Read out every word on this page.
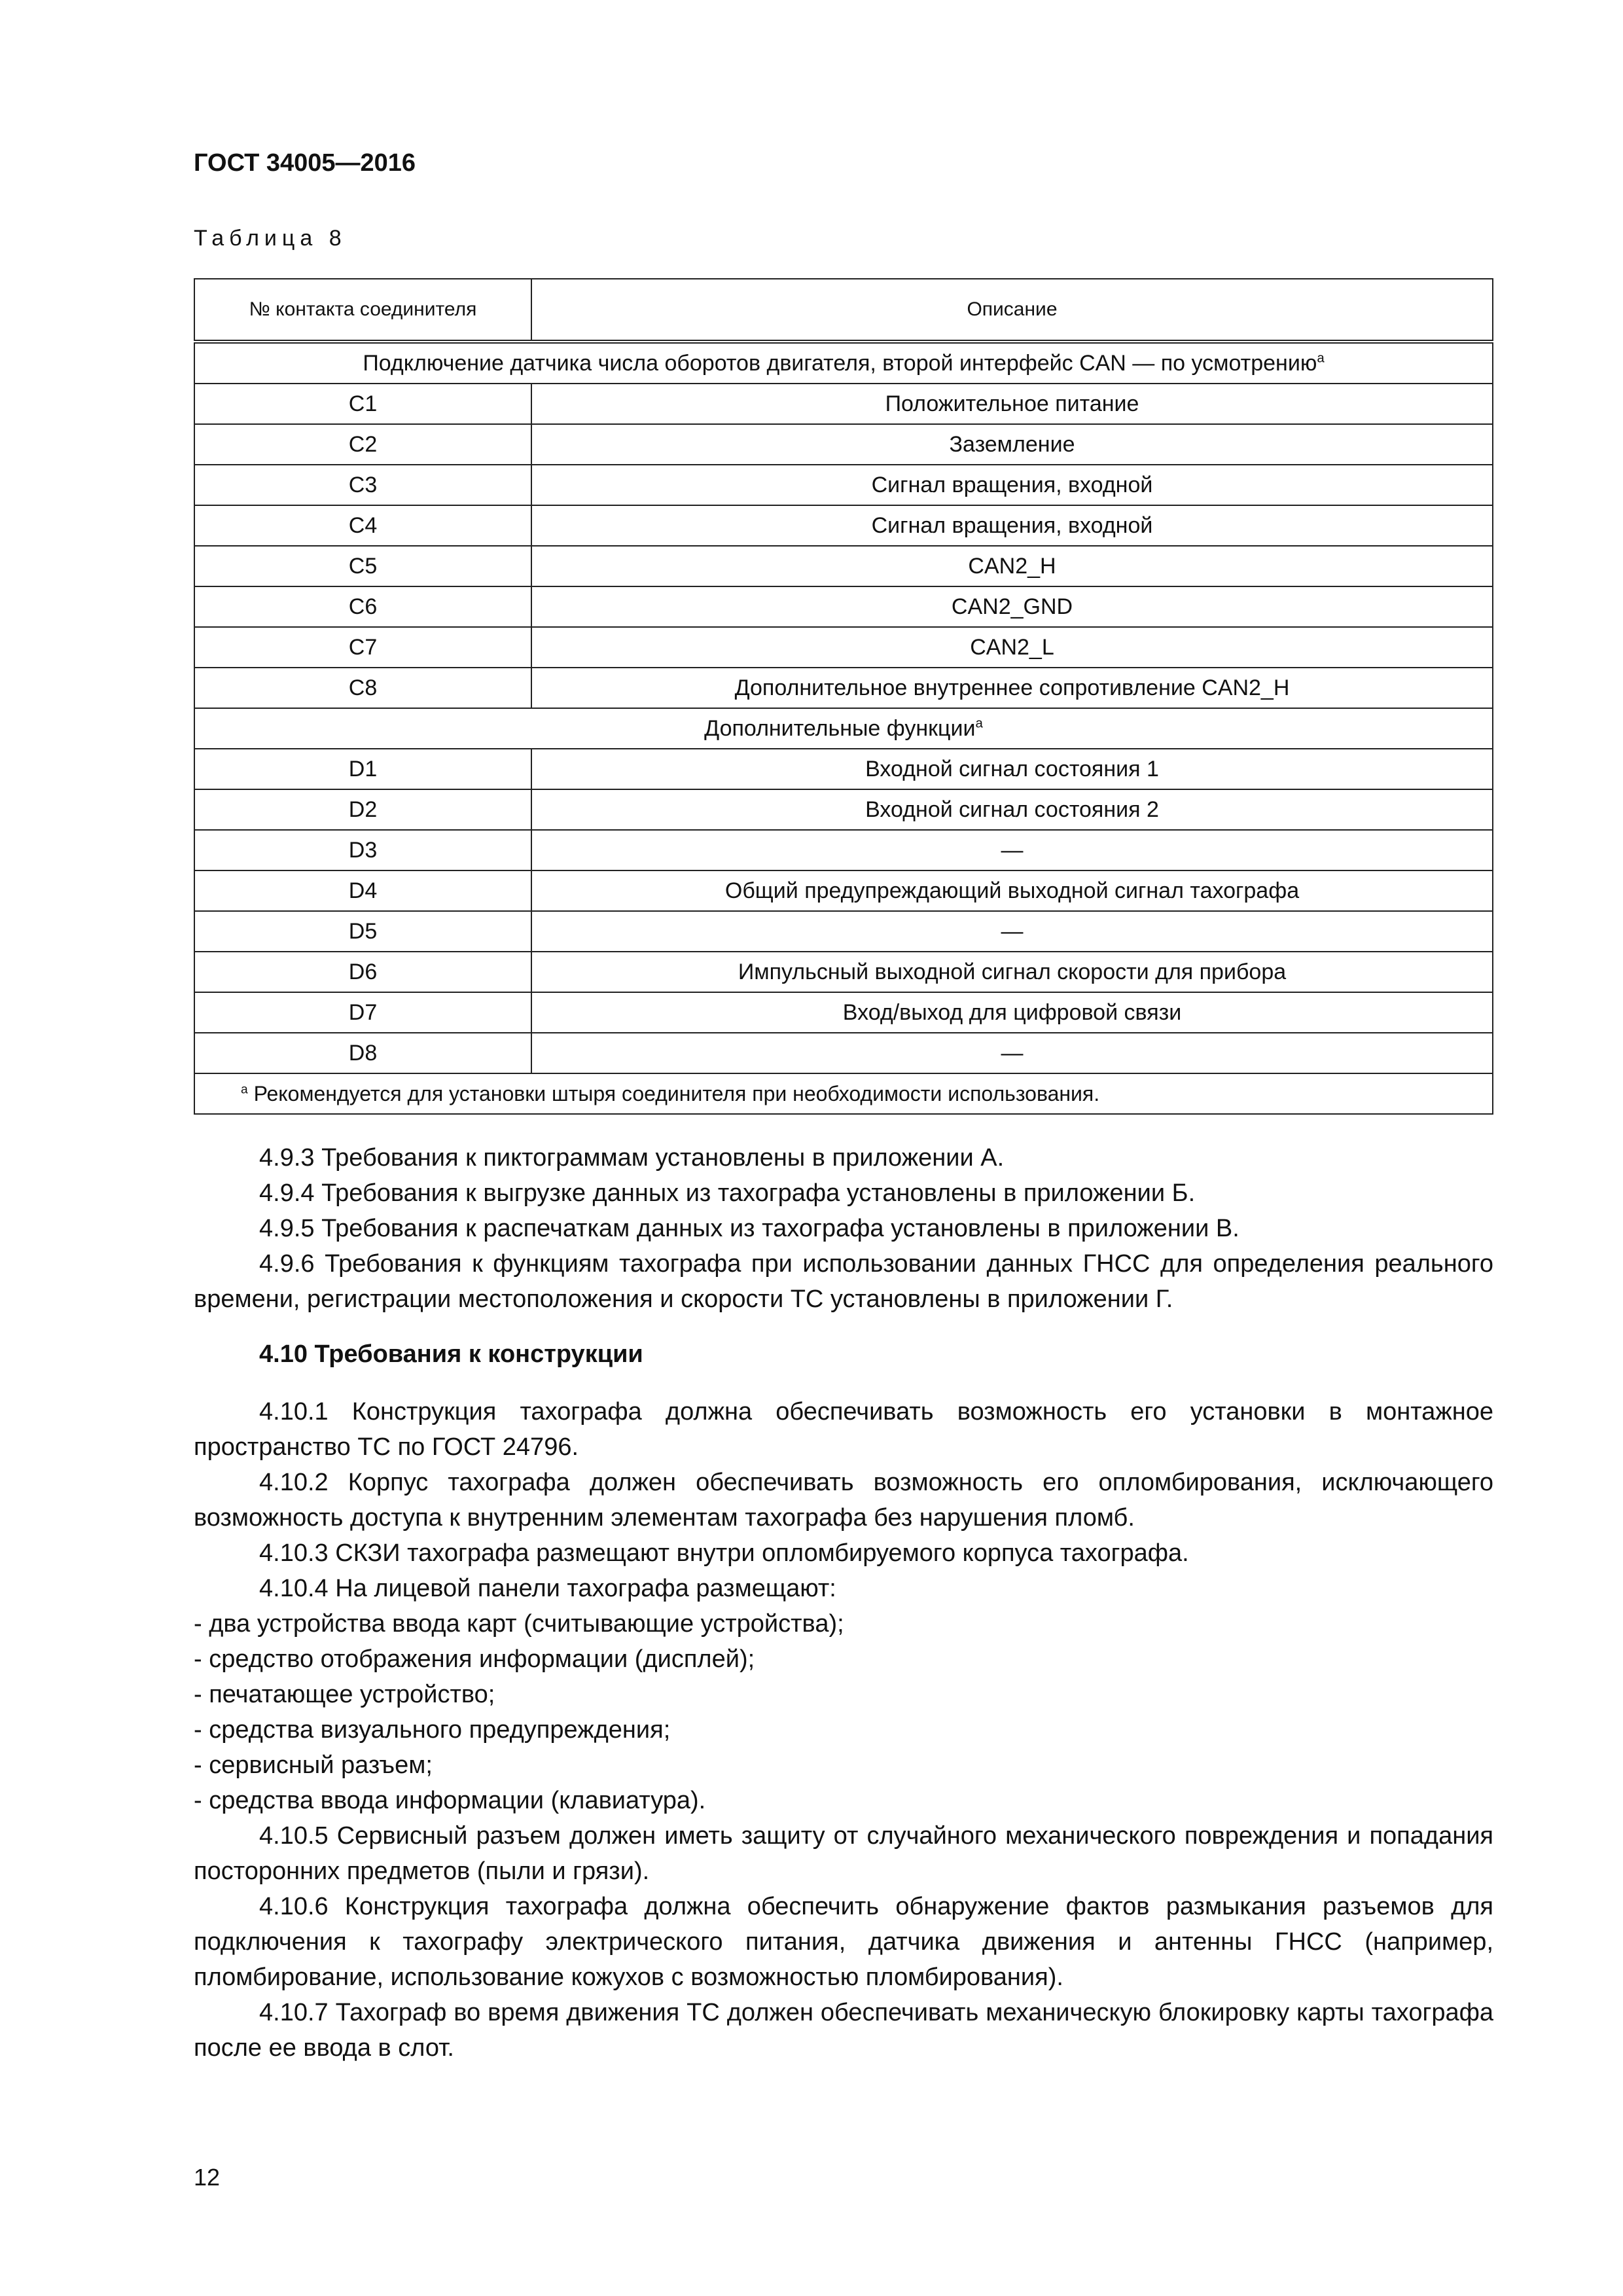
ГОСТ 34005—2016
Таблица 8
№ контакта соединителя	Описание
Подключение датчика числа оборотов двигателя, второй интерфейс CAN — по усмотрению$^а$
C1	Положительное питание
C2	Заземление
C3	Сигнал вращения, входной
C4	Сигнал вращения, входной
C5	CAN2_H
C6	CAN2_GND
C7	CAN2_L
C8	Дополнительное внутреннее сопротивление CAN2_H
Дополнительные функции$^а$
D1	Входной сигнал состояния 1
D2	Входной сигнал состояния 2
D3	—
D4	Общий предупреждающий выходной сигнал тахографа
D5	—
D6	Импульсный выходной сигнал скорости для прибора
D7	Вход/выход для цифровой связи
D8	—
$^а$ Рекомендуется для установки штыря соединителя при необходимости использования.	

4.9.3 Требования к пиктограммам установлены в приложении А.

4.9.4 Требования к выгрузке данных из тахографа установлены в приложении Б.

4.9.5 Требования к распечаткам данных из тахографа установлены в приложении В.

4.9.6 Требования к функциям тахографа при использовании данных ГНСС для определения реального времени, регистрации местоположения и скорости ТС установлены в приложении Г.

4.10 Требования к конструкции

4.10.1 Конструкция тахографа должна обеспечивать возможность его установки в монтажное пространство ТС по ГОСТ 24796.

4.10.2 Корпус тахографа должен обеспечивать возможность его опломбирования, исключающего возможность доступа к внутренним элементам тахографа без нарушения пломб.

4.10.3 СКЗИ тахографа размещают внутри опломбируемого корпуса тахографа.

4.10.4 На лицевой панели тахографа размещают:

- два устройства ввода карт (считывающие устройства);

- средство отображения информации (дисплей);

- печатающее устройство;

- средства визуального предупреждения;

- сервисный разъем;

- средства ввода информации (клавиатура).

4.10.5 Сервисный разъем должен иметь защиту от случайного механического повреждения и попадания посторонних предметов (пыли и грязи).

4.10.6 Конструкция тахографа должна обеспечить обнаружение фактов размыкания разъемов для подключения к тахографу электрического питания, датчика движения и антенны ГНСС (например, пломбирование, использование кожухов с возможностью пломбирования).

4.10.7 Тахограф во время движения ТС должен обеспечивать механическую блокировку карты тахографа после ее ввода в слот.

12
